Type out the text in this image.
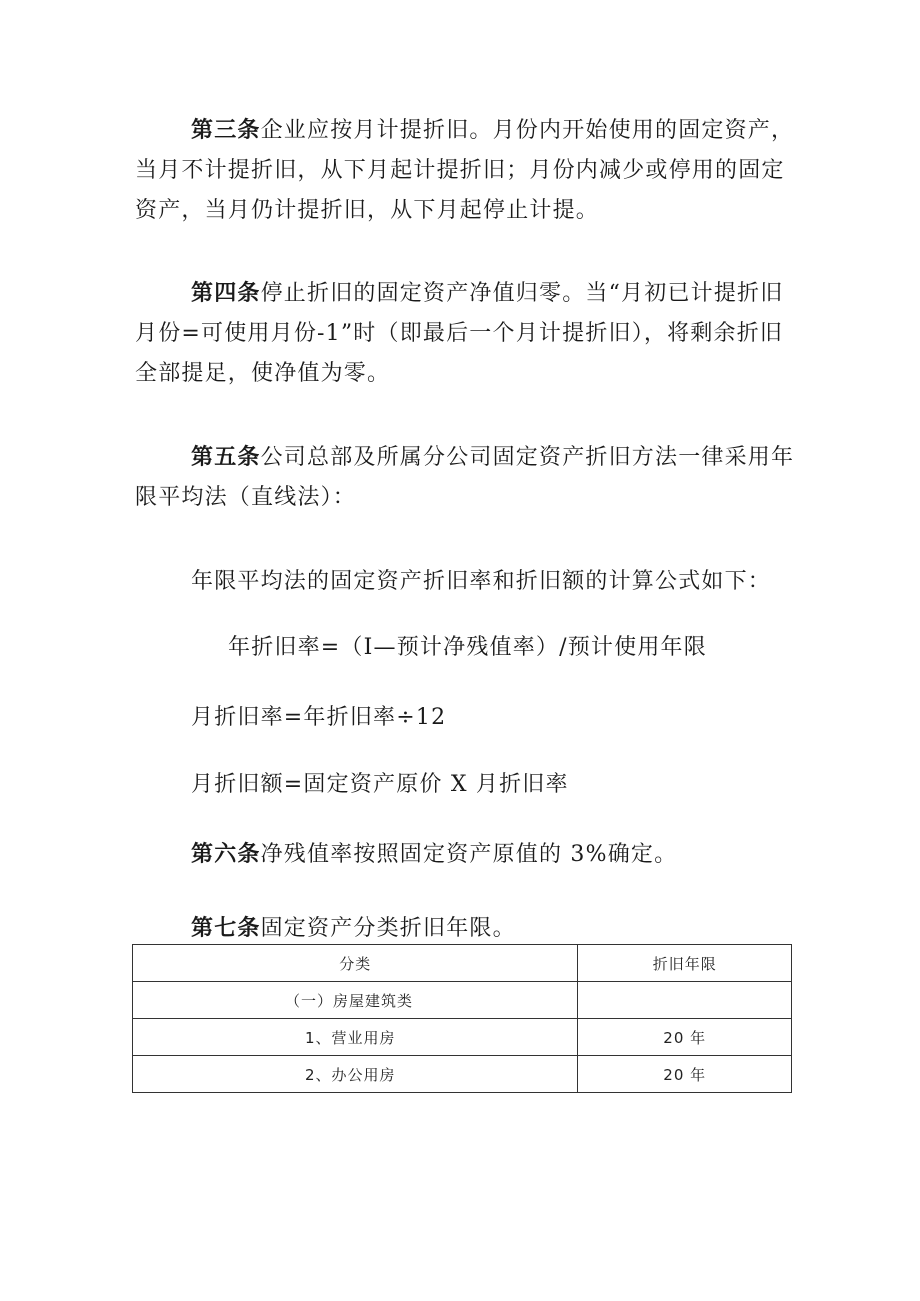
第三条企业应按月计提折旧。月份内开始使用的固定资产，当月不计提折旧，从下月起计提折旧；月份内减少或停用的固定资产，当月仍计提折旧，从下月起停止计提。

第四条停止折旧的固定资产净值归零。当“月初已计提折旧月份=可使用月份-1”时（即最后一个月计提折旧），将剩余折旧全部提足，使净值为零。

第五条公司总部及所属分公司固定资产折旧方法一律采用年限平均法（直线法）：

年限平均法的固定资产折旧率和折旧额的计算公式如下：

年折旧率=（I—预计净残值率）/预计使用年限

月折旧率=年折旧率÷12

月折旧额=固定资产原价 X 月折旧率

第六条净残值率按照固定资产原值的 3%确定。

第七条固定资产分类折旧年限。

分类	折旧年限
（一）房屋建筑类	
1、营业用房	20 年
2、办公用房	20 年
